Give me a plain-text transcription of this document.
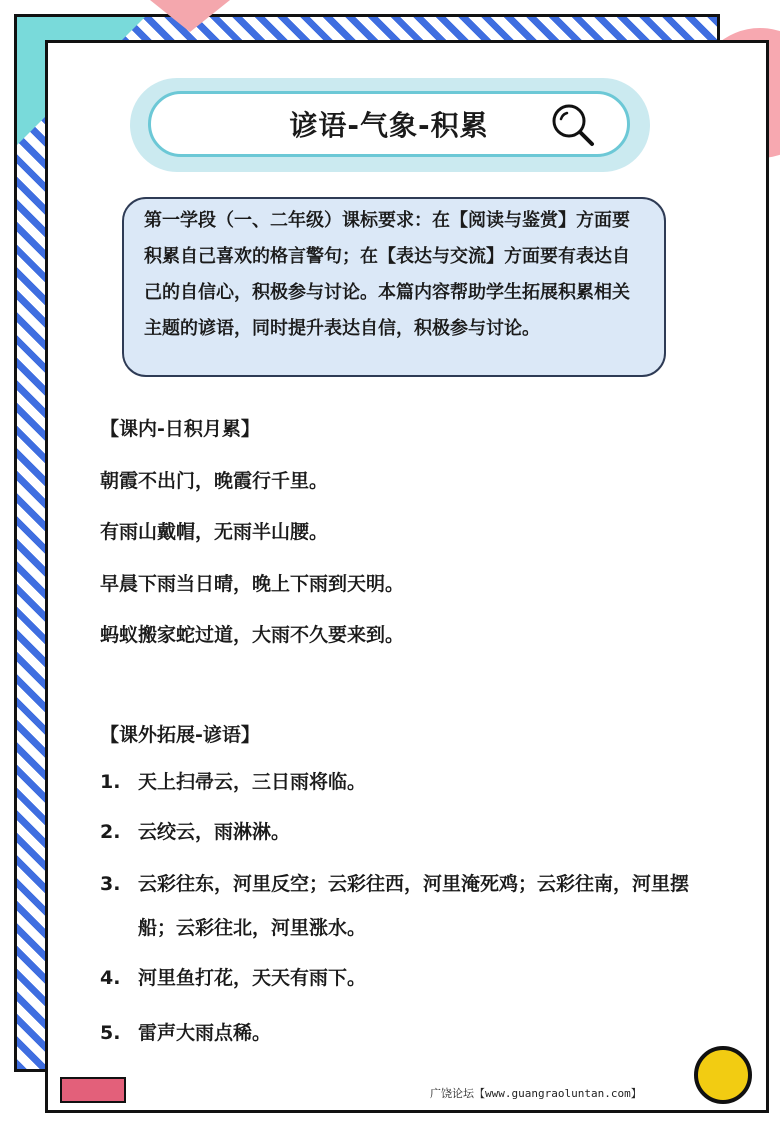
谚语-气象-积累
第一学段（一、二年级）课标要求：在【阅读与鉴赏】方面要积累自己喜欢的格言警句；在【表达与交流】方面要有表达自己的自信心，积极参与讨论。本篇内容帮助学生拓展积累相关主题的谚语，同时提升表达自信，积极参与讨论。
【课内-日积月累】
朝霞不出门，晚霞行千里。
有雨山戴帽，无雨半山腰。
早晨下雨当日晴，晚上下雨到天明。
蚂蚁搬家蛇过道，大雨不久要来到。
【课外拓展-谚语】
1. 天上扫帚云，三日雨将临。
2. 云绞云，雨淋淋。
3. 云彩往东，河里反空；云彩往西，河里淹死鸡；云彩往南，河里摆船；云彩往北，河里涨水。
4. 河里鱼打花，天天有雨下。
5. 雷声大雨点稀。
广饶论坛【www.guangraoluntan.com】
